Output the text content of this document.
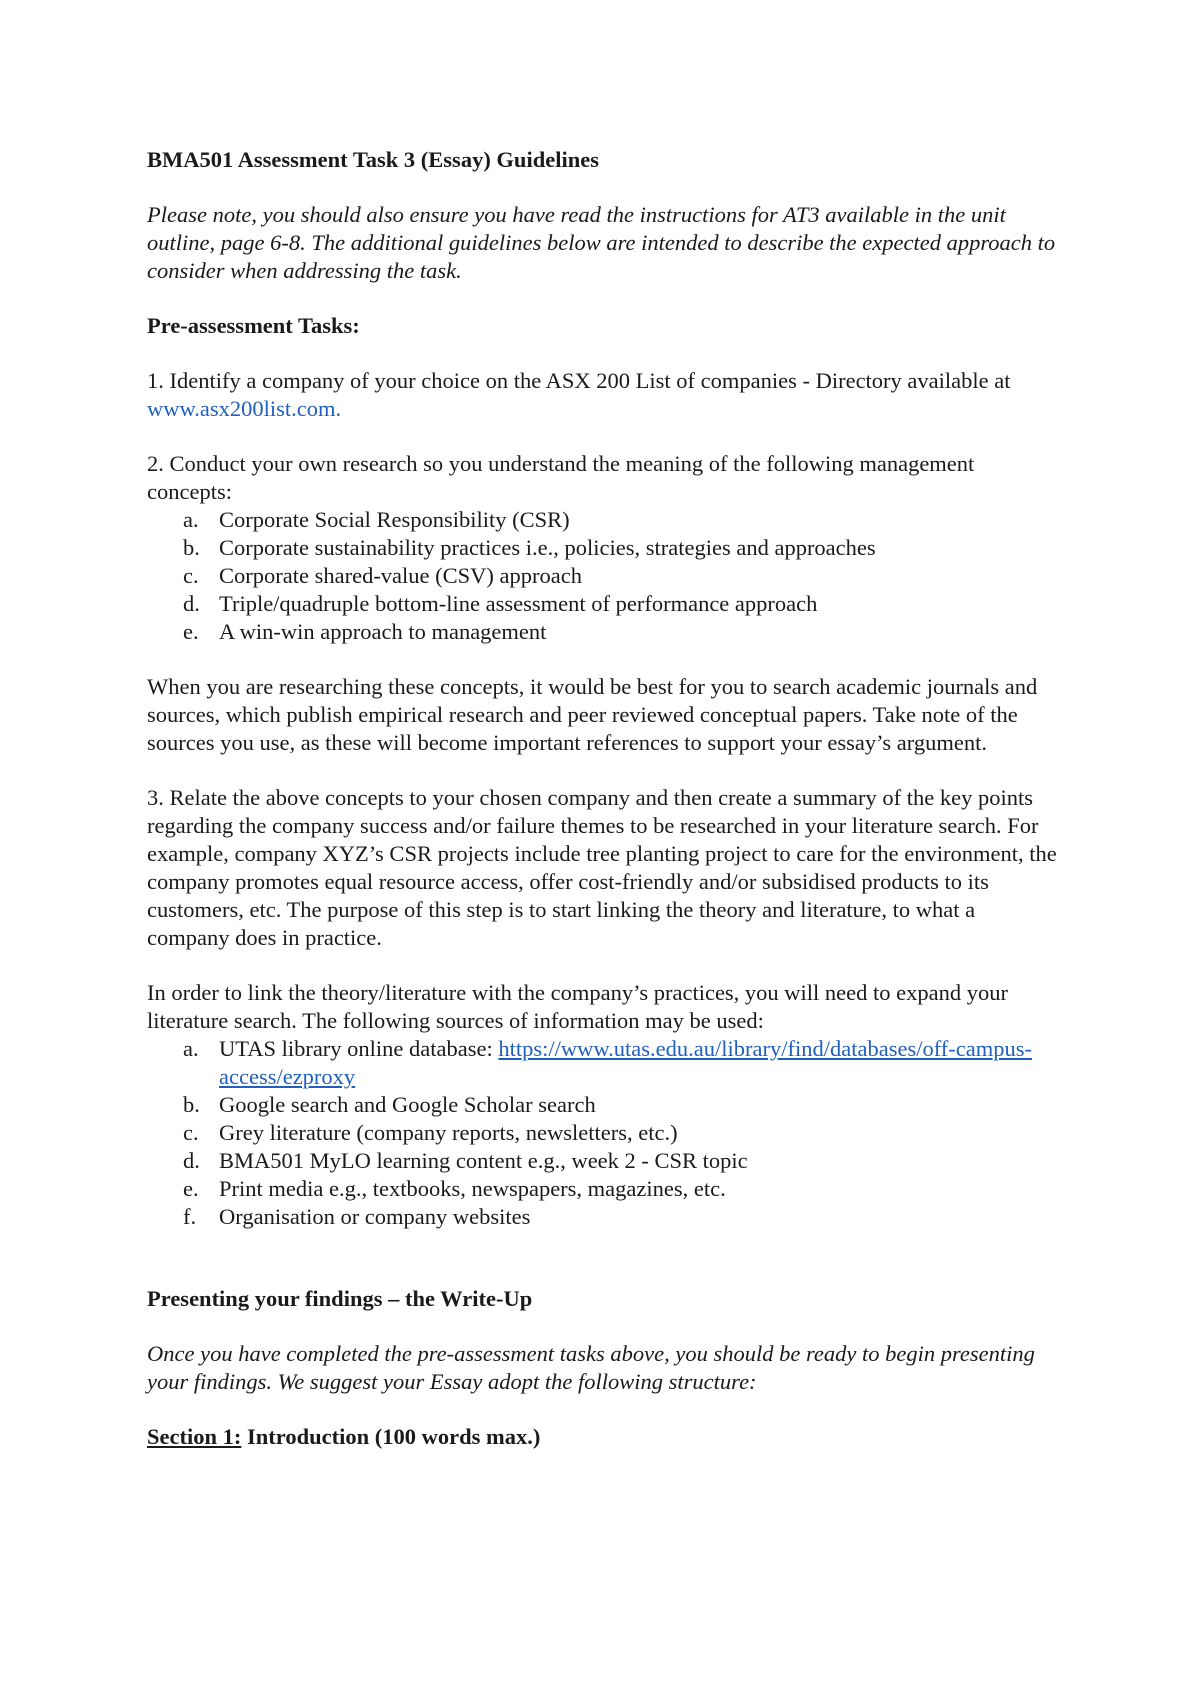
BMA501 Assessment Task 3 (Essay) Guidelines

Please note, you should also ensure you have read the instructions for AT3 available in the unit outline, page 6-8. The additional guidelines below are intended to describe the expected approach to consider when addressing the task.

Pre-assessment Tasks:

1. Identify a company of your choice on the ASX 200 List of companies - Directory available at www.asx200list.com.

2. Conduct your own research so you understand the meaning of the following management concepts:

a. Corporate Social Responsibility (CSR)
b. Corporate sustainability practices i.e., policies, strategies and approaches
c. Corporate shared-value (CSV) approach
d. Triple/quadruple bottom-line assessment of performance approach
e. A win-win approach to management

When you are researching these concepts, it would be best for you to search academic journals and sources, which publish empirical research and peer reviewed conceptual papers. Take note of the sources you use, as these will become important references to support your essay’s argument.

3. Relate the above concepts to your chosen company and then create a summary of the key points regarding the company success and/or failure themes to be researched in your literature search. For example, company XYZ’s CSR projects include tree planting project to care for the environment, the company promotes equal resource access, offer cost-friendly and/or subsidised products to its customers, etc. The purpose of this step is to start linking the theory and literature, to what a company does in practice.

In order to link the theory/literature with the company’s practices, you will need to expand your literature search. The following sources of information may be used:

a. UTAS library online database: https://www.utas.edu.au/library/find/databases/off-campus-access/ezproxy
b. Google search and Google Scholar search
c. Grey literature (company reports, newsletters, etc.)
d. BMA501 MyLO learning content e.g., week 2 - CSR topic
e. Print media e.g., textbooks, newspapers, magazines, etc.
f.	Organisation or company websites

Presenting your findings – the Write-Up

Once you have completed the pre-assessment tasks above, you should be ready to begin presenting your findings. We suggest your Essay adopt the following structure:

Section 1: Introduction (100 words max.)
